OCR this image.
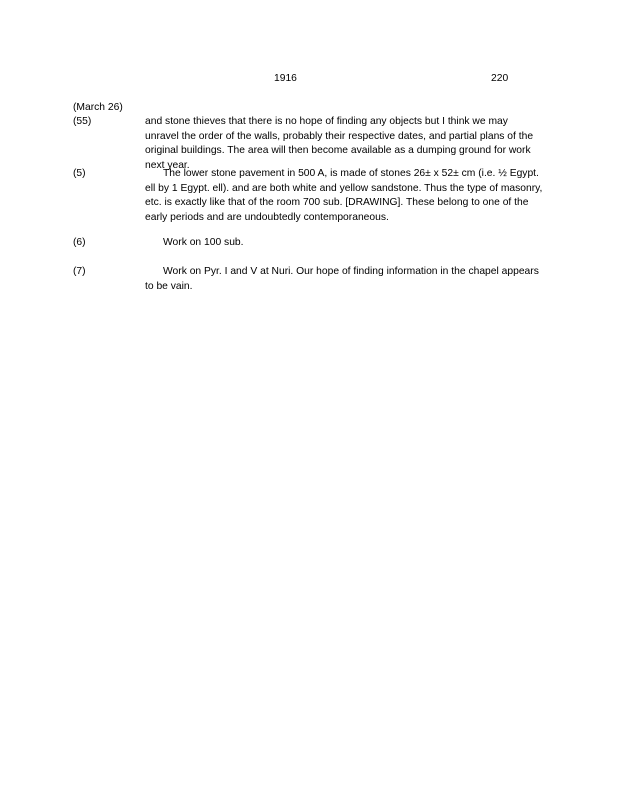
1916	220
(March 26)
(55)	and stone thieves that there is no hope of finding any objects but I think we may unravel the order of the walls, probably their respective dates, and partial plans of the original buildings. The area will then become available as a dumping ground for work next year.
(5)	The lower stone pavement in 500 A, is made of stones 26± x 52± cm (i.e. ½ Egypt. ell by 1 Egypt. ell). and are both white and yellow sandstone. Thus the type of masonry, etc. is exactly like that of the room 700 sub. [DRAWING]. These belong to one of the early periods and are undoubtedly contemporaneous.
(6)	Work on 100 sub.
(7)	Work on Pyr. I and V at Nuri. Our hope of finding information in the chapel appears to be vain.
